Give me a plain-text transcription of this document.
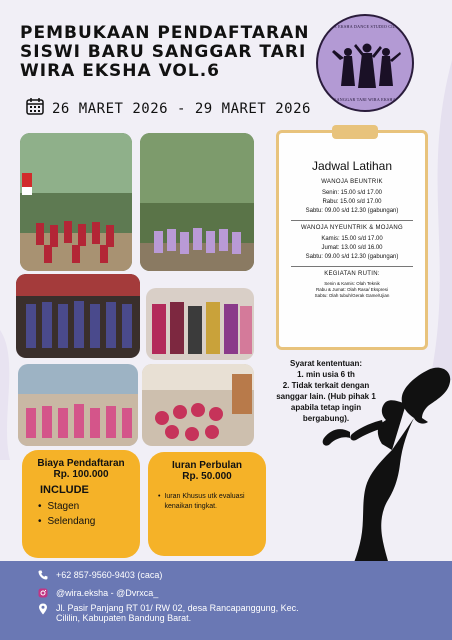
PEMBUKAAN PENDAFTARAN
SISWI BARU SANGGAR TARI
WIRA EKSHA VOL.6
WIRA EKSHA DANCE STUDIO CILILIN
SANGGAR TARI WIRA EKSHA
26 MARET 2026 - 29 MARET 2026
Jadwal Latihan
WANOJA BEUNTRIK
Senin: 15.00 s/d 17.00
Rabu: 15.00 s/d 17.00
Sabtu: 09.00 s/d 12.30 (gabungan)
WANOJA NYEUNTRIK & MOJANG
Kamis: 15.00 s/d 17.00
Jumat: 13.00 s/d 16.00
Sabtu: 09.00 s/d 12.30 (gabungan)
KEGIATAN RUTIN:
Senin & Kamis: Olah Teknik
Rabu & Jumat: Olah Rasa/ Ekspresi
Sabtu: Olah tubuh/Gerak Game/Ujian
Syarat kententuan:
1. min usia 6 th
2. Tidak terkait dengan sanggar lain. (Hub pihak 1 apabila tetap ingin bergabung).
Biaya Pendaftaran
Rp. 100.000
INCLUDE
• Stagen
• Selendang
Iuran Perbulan
Rp. 50.000
• Iuran Khusus utk evaluasi kenaikan tingkat.
+62 857-9560-9403 (caca)
@wira.eksha - @Dvrxca_
Jl. Pasir Panjang RT 01/ RW 02, desa Rancapanggung, Kec. Cililin, Kabupaten Bandung Barat.
